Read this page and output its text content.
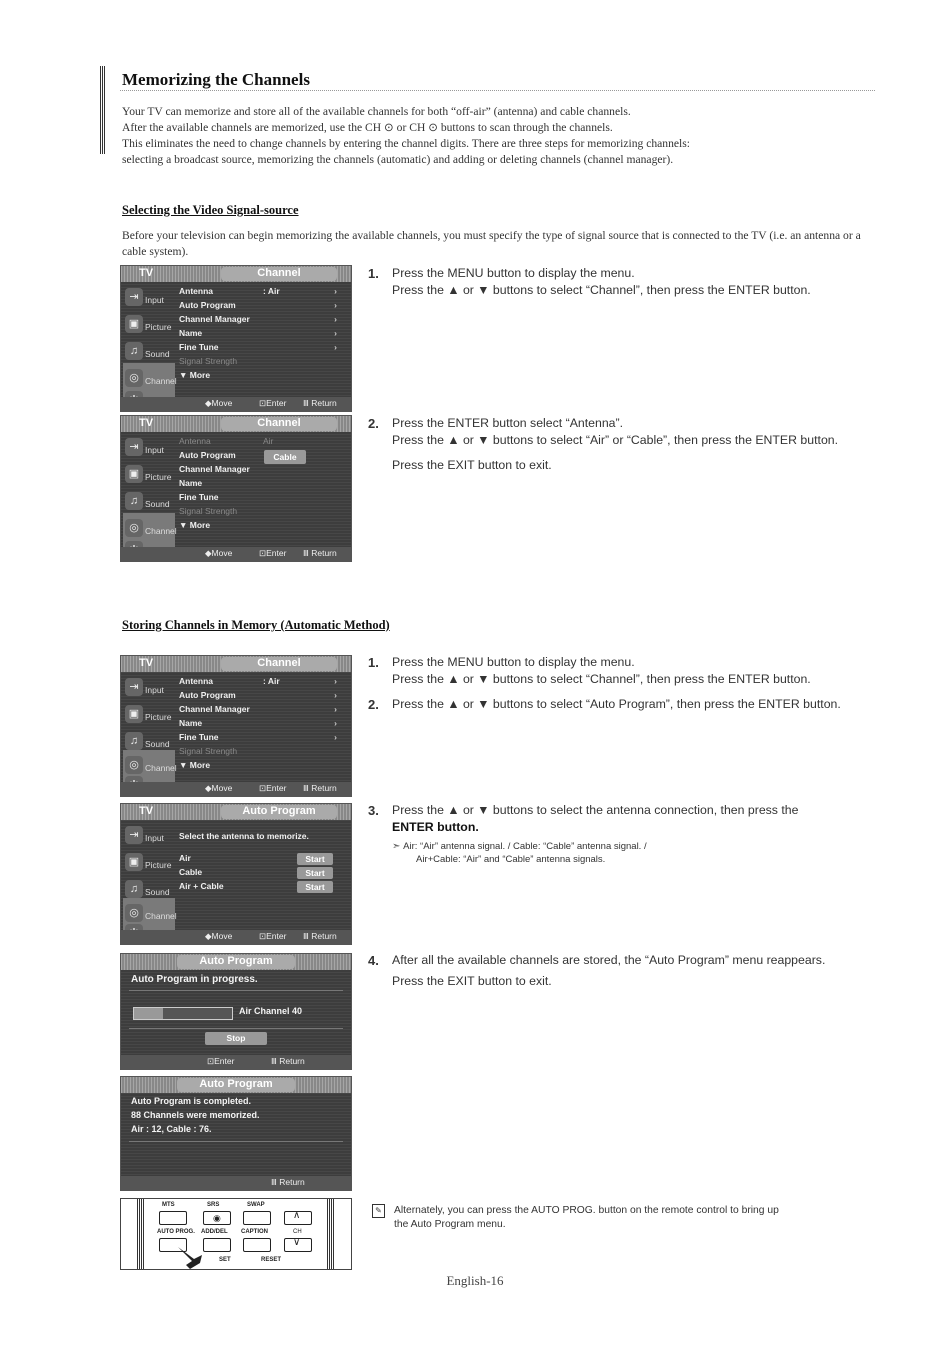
Memorizing the Channels
Your TV can memorize and store all of the available channels for both “off-air” (antenna) and cable channels.
After the available channels are memorized, use the CH ⊙ or CH ⊙ buttons to scan through the channels.
This eliminates the need to change channels by entering the channel digits. There are three steps for memorizing channels:
selecting a broadcast source, memorizing the channels (automatic) and adding or deleting channels (channel manager).
Selecting the Video Signal-source
Before your television can begin memorizing the available channels, you must specify the type of signal source that is connected to the TV (i.e. an antenna or a cable system).
TV	Channel
⇥ Input
▣ Picture
♫ Sound
◎ Channel
Antenna	: Air	›
Auto Program	›
Channel Manager	›
Name	›
Fine Tune	›
Signal Strength
▼ More
◆Move	⊡Enter Ⅲ Return
1. Press the MENU button to display the menu.
Press the ▲ or ▼ buttons to select “Channel”, then press the ENTER button.
TV	Channel
⇥ Input
▣ Picture
♫ Sound
◎ Channel
Antenna	Air
Auto Program
Channel Manager
Name
Fine Tune
Signal Strength
▼ More
Cable
◆Move	⊡Enter Ⅲ Return
2. Press the ENTER button select “Antenna”.
Press the ▲ or ▼ buttons to select “Air” or “Cable”, then press the ENTER button.
Press the EXIT button to exit.
Storing Channels in Memory (Automatic Method)
TV	Channel
⇥ Input
▣ Picture
♫ Sound
◎ Channel
Antenna	: Air	›
Auto Program	›
Channel Manager	›
Name	›
Fine Tune	›
Signal Strength
▼ More
◆Move	⊡Enter Ⅲ Return
1. Press the MENU button to display the menu.
Press the ▲ or ▼ buttons to select “Channel”, then press the ENTER button.
2. Press the ▲ or ▼ buttons to select “Auto Program”, then press the ENTER button.
TV	Auto Program
⇥ Input
▣ Picture
♫ Sound
◎ Channel
Select the antenna to memorize.
Air
Cable
Air + Cable
Start
Start
Start
◆Move	⊡Enter Ⅲ Return
3. Press the ▲ or ▼ buttons to select the antenna connection, then press the
ENTER button.
➣ Air: “Air” antenna signal. / Cable: “Cable” antenna signal. /
Air+Cable: “Air” and “Cable” antenna signals.
Auto Program
Auto Program in progress.
Air Channel 40
Stop
⊡Enter	Ⅲ Return
4. After all the available channels are stored, the “Auto Program” menu reappears.
Press the EXIT button to exit.
Auto Program
Auto Program is completed.
88 Channels were memorized.
Air : 12, Cable : 76.
Ⅲ Return
MTS	SRS	SWAP
◉	∧
AUTO PROG. ADD/DEL CAPTION	CH
∨
SET	RESET
✎	Alternately, you can press the AUTO PROG. button on the remote control to bring up
the Auto Program menu.
English-16
